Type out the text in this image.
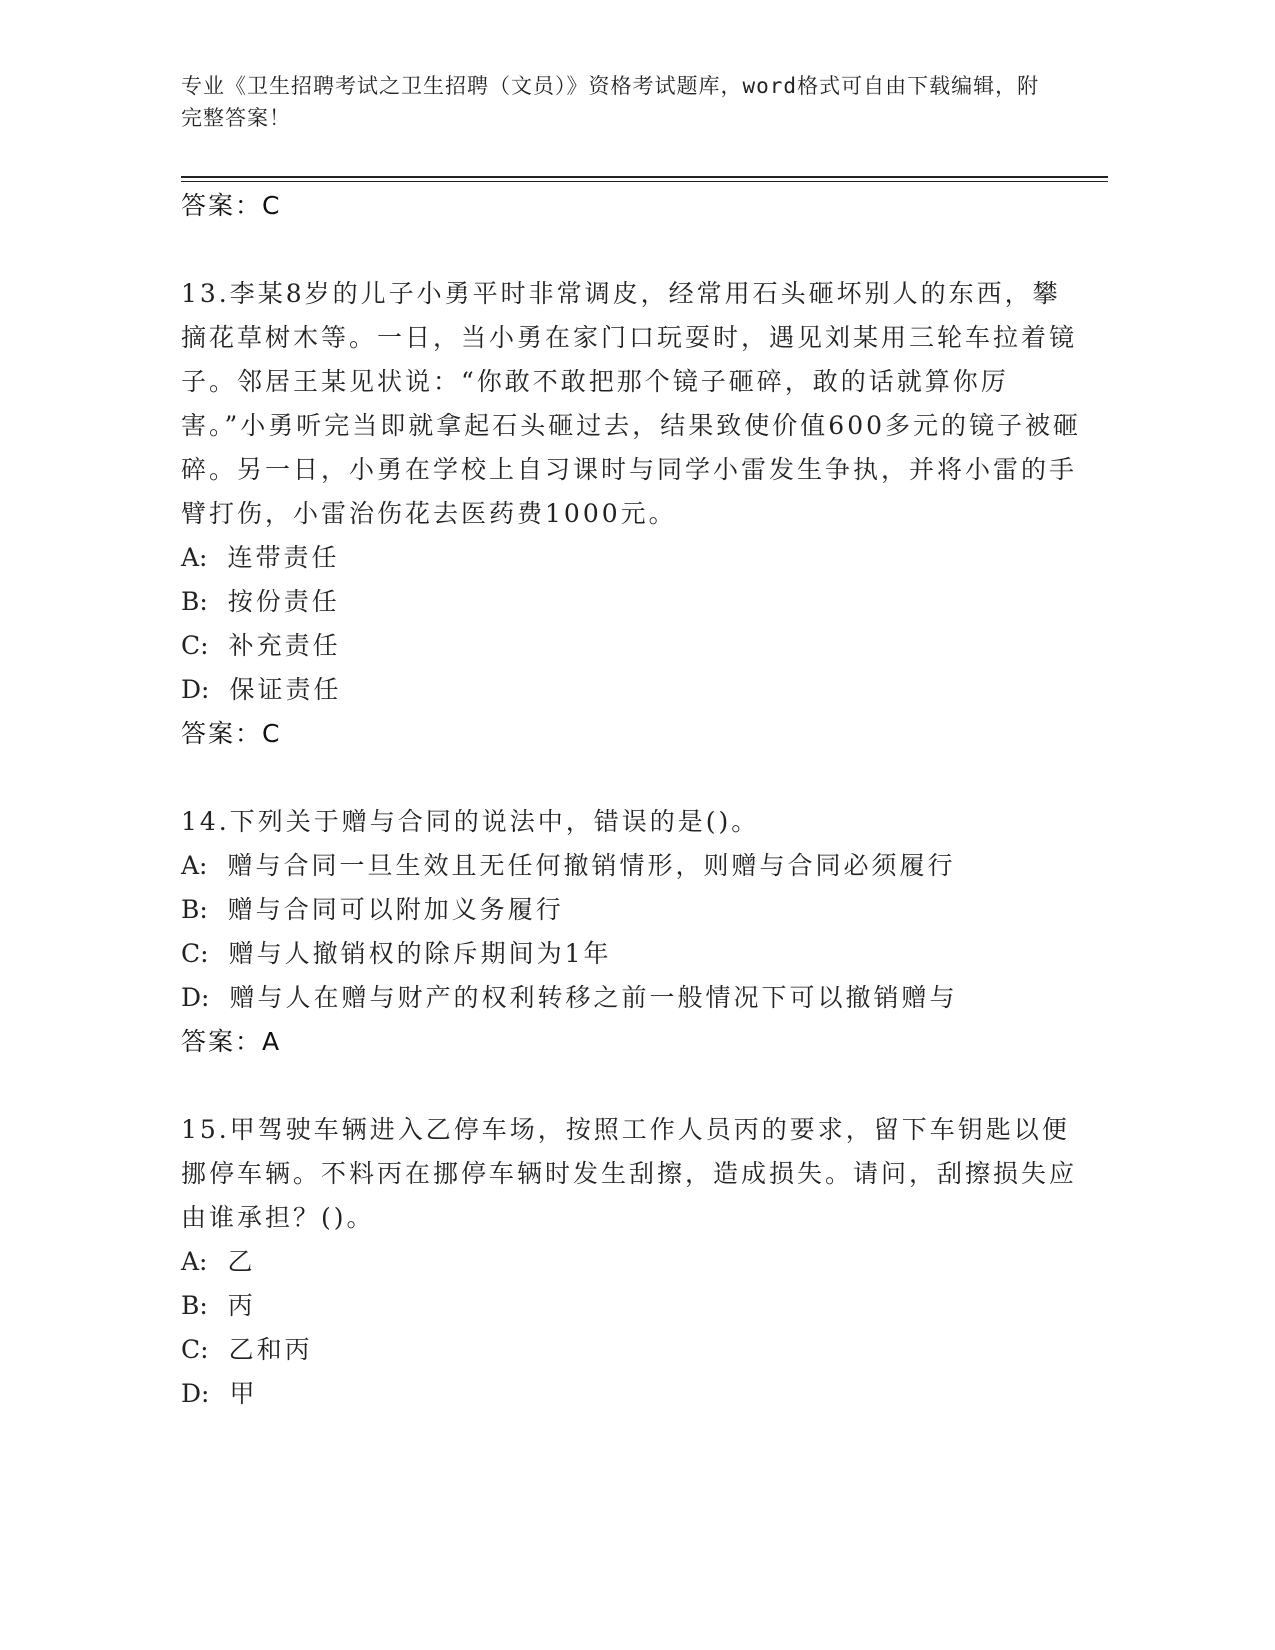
专业《卫生招聘考试之卫生招聘（文员）》资格考试题库，word格式可自由下载编辑，附完整答案！
答案：C
13.李某8岁的儿子小勇平时非常调皮，经常用石头砸坏别人的东西，攀摘花草树木等。一日，当小勇在家门口玩耍时，遇见刘某用三轮车拉着镜子。邻居王某见状说：“你敢不敢把那个镜子砸碎，敢的话就算你厉害。”小勇听完当即就拿起石头砸过去，结果致使价值600多元的镜子被砸碎。另一日，小勇在学校上自习课时与同学小雷发生争执，并将小雷的手臂打伤，小雷治伤花去医药费1000元。
A: 连带责任
B: 按份责任
C: 补充责任
D: 保证责任
答案：C
14.下列关于赠与合同的说法中，错误的是()。
A: 赠与合同一旦生效且无任何撤销情形，则赠与合同必须履行
B: 赠与合同可以附加义务履行
C: 赠与人撤销权的除斥期间为1年
D: 赠与人在赠与财产的权利转移之前一般情况下可以撤销赠与
答案：A
15.甲驾驶车辆进入乙停车场，按照工作人员丙的要求，留下车钥匙以便挪停车辆。不料丙在挪停车辆时发生刮擦，造成损失。请问，刮擦损失应由谁承担？()。
A: 乙
B: 丙
C: 乙和丙
D: 甲
